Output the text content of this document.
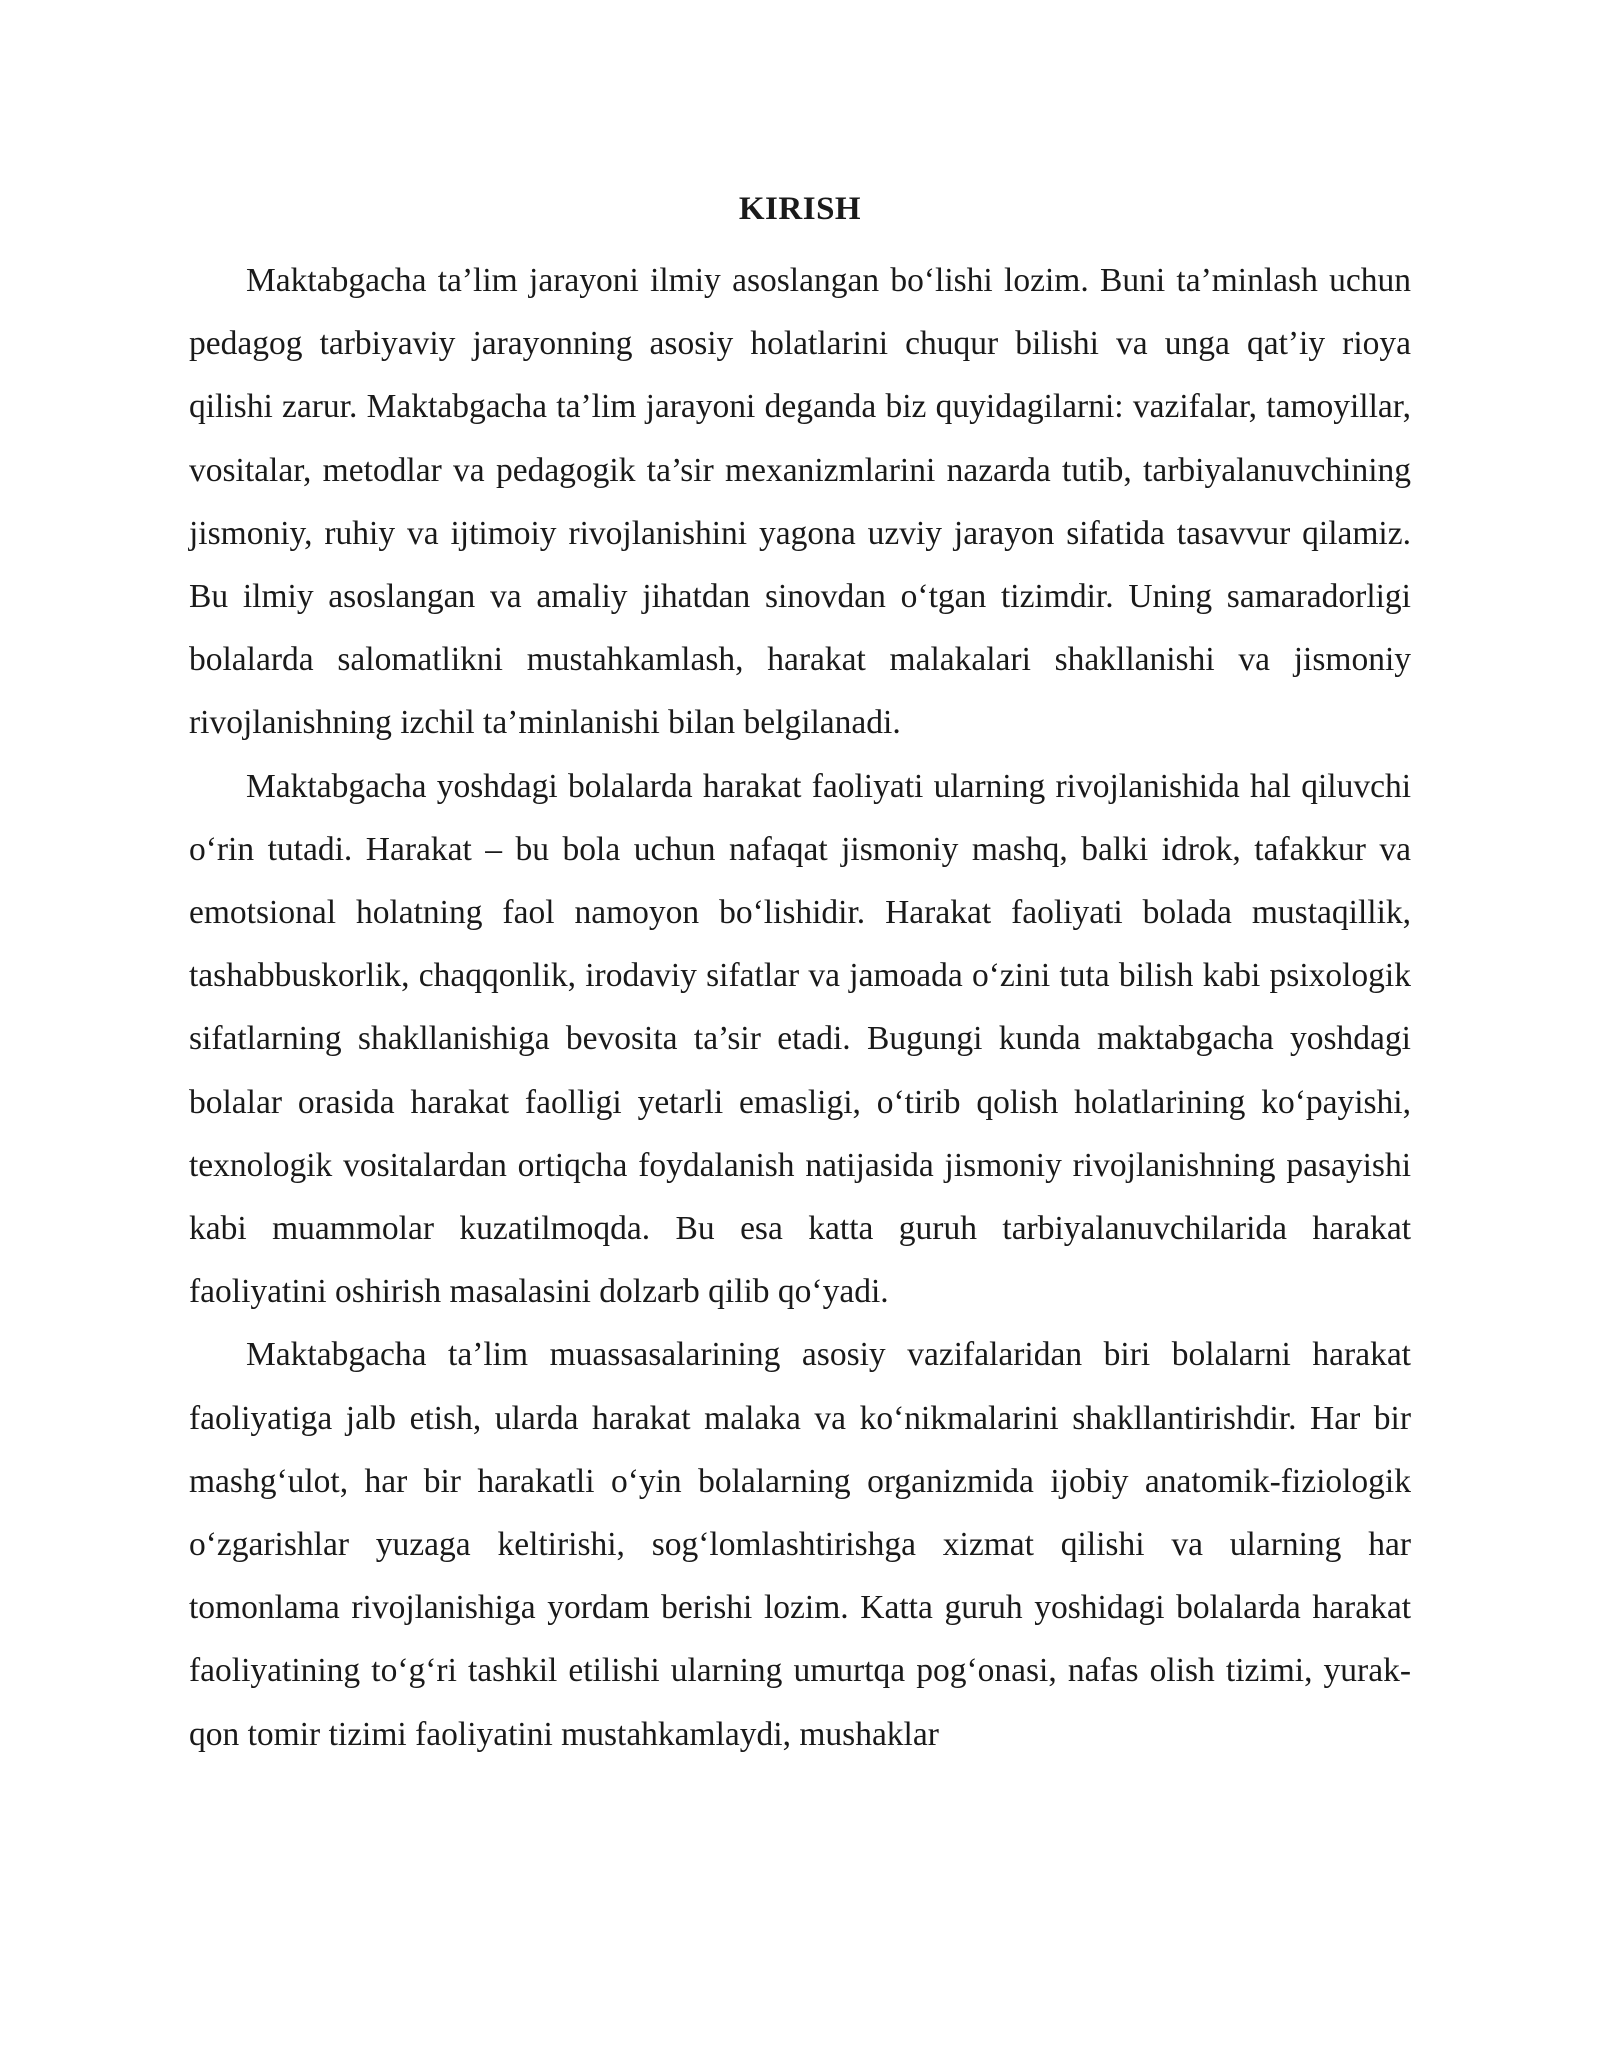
KIRISH

Maktabgacha ta’lim jarayoni ilmiy asoslangan bo‘lishi lozim. Buni ta’minlash uchun pedagog tarbiyaviy jarayonning asosiy holatlarini chuqur bilishi va unga qat’iy rioya qilishi zarur. Maktabgacha ta’lim jarayoni deganda biz quyidagilarni: vazifalar, tamoyillar, vositalar, metodlar va pedagogik ta’sir mexanizmlarini nazarda tutib, tarbiyalanuvchining jismoniy, ruhiy va ijtimoiy rivojlanishini yagona uzviy jarayon sifatida tasavvur qilamiz. Bu ilmiy asoslangan va amaliy jihatdan sinovdan o‘tgan tizimdir. Uning samaradorligi bolalarda salomatlikni mustahkamlash, harakat malakalari shakllanishi va jismoniy rivojlanishning izchil ta’minlanishi bilan belgilanadi.

Maktabgacha yoshdagi bolalarda harakat faoliyati ularning rivojlanishida hal qiluvchi o‘rin tutadi. Harakat – bu bola uchun nafaqat jismoniy mashq, balki idrok, tafakkur va emotsional holatning faol namoyon bo‘lishidir. Harakat faoliyati bolada mustaqillik, tashabbuskorlik, chaqqonlik, irodaviy sifatlar va jamoada o‘zini tuta bilish kabi psixologik sifatlarning shakllanishiga bevosita ta’sir etadi. Bugungi kunda maktabgacha yoshdagi bolalar orasida harakat faolligi yetarli emasligi, o‘tirib qolish holatlarining ko‘payishi, texnologik vositalardan ortiqcha foydalanish natijasida jismoniy rivojlanishning pasayishi kabi muammolar kuzatilmoqda. Bu esa katta guruh tarbiyalanuvchilarida harakat faoliyatini oshirish masalasini dolzarb qilib qo‘yadi.

Maktabgacha ta’lim muassasalarining asosiy vazifalaridan biri bolalarni harakat faoliyatiga jalb etish, ularda harakat malaka va ko‘nikmalarini shakllantirishdir. Har bir mashg‘ulot, har bir harakatli o‘yin bolalarning organizmida ijobiy anatomik-fiziologik o‘zgarishlar yuzaga keltirishi, sog‘lomlashtirishga xizmat qilishi va ularning har tomonlama rivojlanishiga yordam berishi lozim. Katta guruh yoshidagi bolalarda harakat faoliyatining to‘g‘ri tashkil etilishi ularning umurtqa pog‘onasi, nafas olish tizimi, yurak-qon tomir tizimi faoliyatini mustahkamlaydi, mushaklar
